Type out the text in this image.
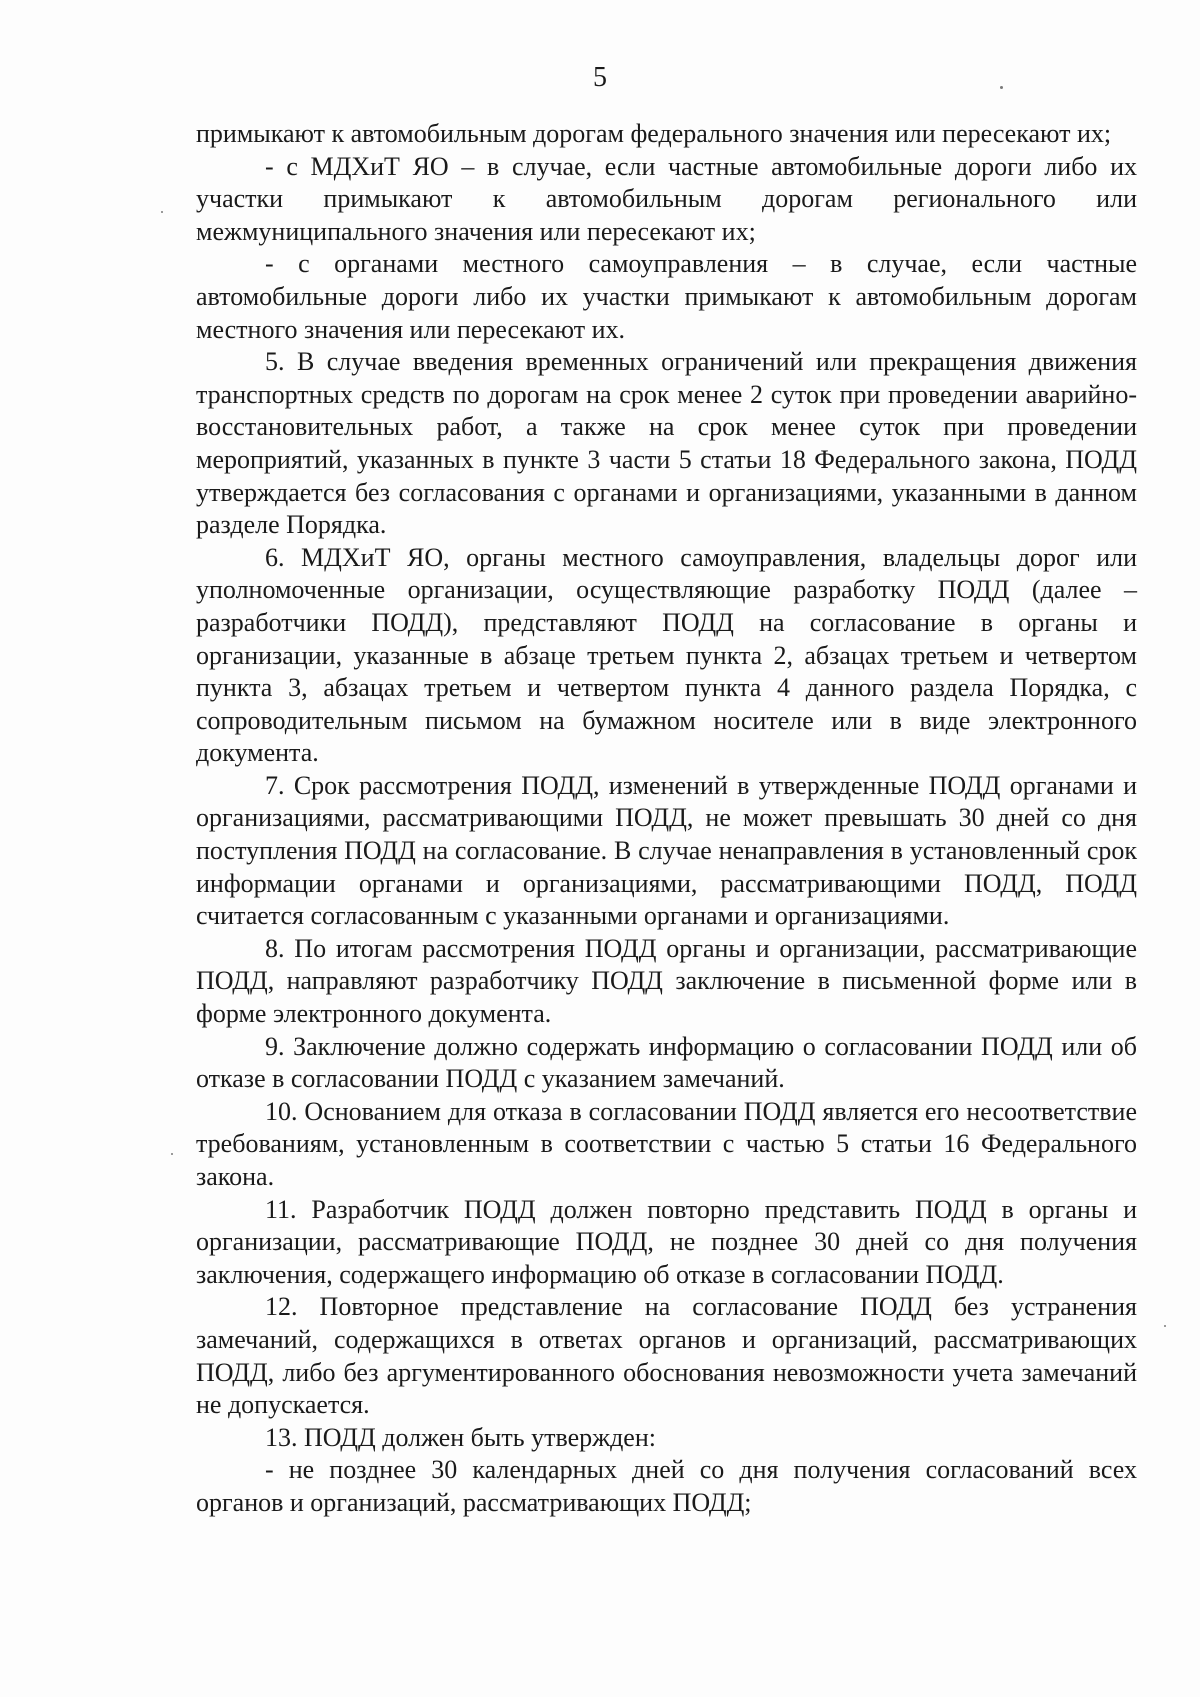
5

примыкают к автомобильным дорогам федерального значения или пересекают их;

- с МДХиТ ЯО – в случае, если частные автомобильные дороги либо их участки примыкают к автомобильным дорогам регионального или межмуниципального значения или пересекают их;

- с органами местного самоуправления – в случае, если частные автомобильные дороги либо их участки примыкают к автомобильным дорогам местного значения или пересекают их.

5. В случае введения временных ограничений или прекращения движения транспортных средств по дорогам на срок менее 2 суток при проведении аварийно-восстановительных работ, а также на срок менее суток при проведении мероприятий, указанных в пункте 3 части 5 статьи 18 Федерального закона, ПОДД утверждается без согласования с органами и организациями, указанными в данном разделе Порядка.

6. МДХиТ ЯО, органы местного самоуправления, владельцы дорог или уполномоченные организации, осуществляющие разработку ПОДД (далее – разработчики ПОДД), представляют ПОДД на согласование в органы и организации, указанные в абзаце третьем пункта 2, абзацах третьем и четвертом пункта 3, абзацах третьем и четвертом пункта 4 данного раздела Порядка, с сопроводительным письмом на бумажном носителе или в виде электронного документа.

7. Срок рассмотрения ПОДД, изменений в утвержденные ПОДД органами и организациями, рассматривающими ПОДД, не может превышать 30 дней со дня поступления ПОДД на согласование. В случае ненаправления в установленный срок информации органами и организациями, рассматривающими ПОДД, ПОДД считается согласованным с указанными органами и организациями.

8. По итогам рассмотрения ПОДД органы и организации, рассматривающие ПОДД, направляют разработчику ПОДД заключение в письменной форме или в форме электронного документа.

9. Заключение должно содержать информацию о согласовании ПОДД или об отказе в согласовании ПОДД с указанием замечаний.

10. Основанием для отказа в согласовании ПОДД является его несоответствие требованиям, установленным в соответствии с частью 5 статьи 16 Федерального закона.

11. Разработчик ПОДД должен повторно представить ПОДД в органы и организации, рассматривающие ПОДД, не позднее 30 дней со дня получения заключения, содержащего информацию об отказе в согласовании ПОДД.

12. Повторное представление на согласование ПОДД без устранения замечаний, содержащихся в ответах органов и организаций, рассматривающих ПОДД, либо без аргументированного обоснования невозможности учета замечаний не допускается.

13. ПОДД должен быть утвержден:

- не позднее 30 календарных дней со дня получения согласований всех органов и организаций, рассматривающих ПОДД;
